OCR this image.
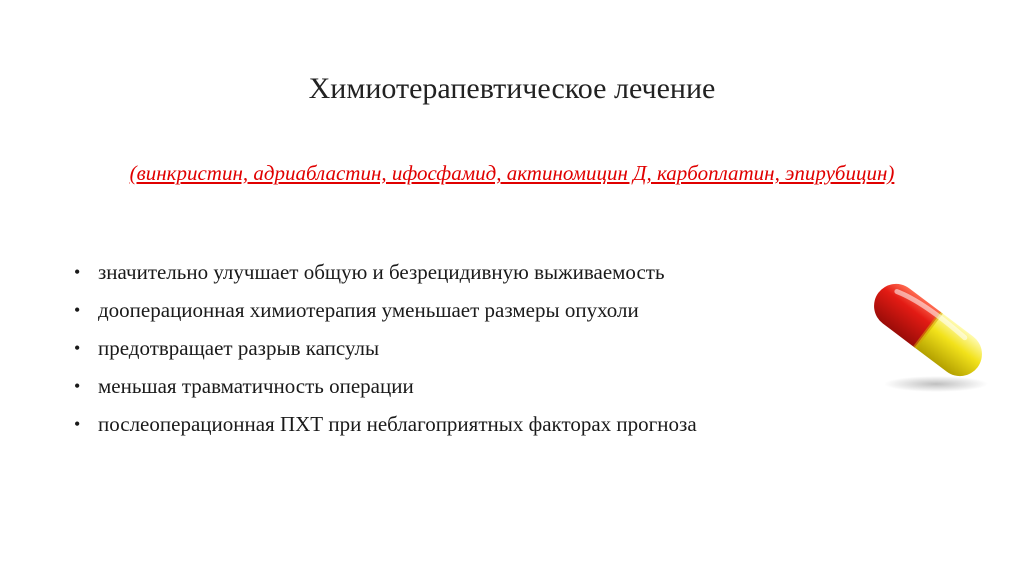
Химиотерапевтическое лечение
(винкристин, адриабластин, ифосфамид, актиномицин Д, карбоплатин, эпирубицин)
• значительно улучшает общую и безрецидивную выживаемость
• дооперационная химиотерапия уменьшает размеры опухоли
• предотвращает разрыв капсулы
• меньшая травматичность операции
• послеоперационная ПХТ при неблагоприятных факторах прогноза
